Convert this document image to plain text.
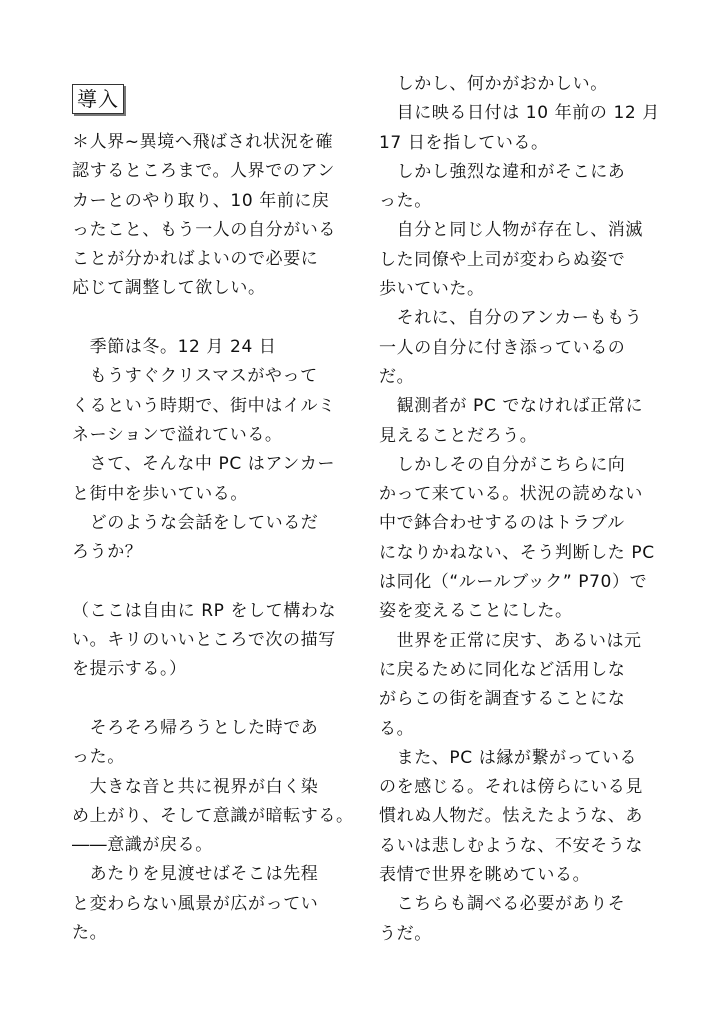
導入
＊人界~異境へ飛ばされ状況を確
認するところまで。人界でのアン
カーとのやり取り、10 年前に戻
ったこと、もう一人の自分がいる
ことが分かればよいので必要に
応じて調整して欲しい。
　季節は冬。12 月 24 日
　もうすぐクリスマスがやって
くるという時期で、街中はイルミ
ネーションで溢れている。
　さて、そんな中 PC はアンカー
と街中を歩いている。
　どのような会話をしているだ
ろうか？
（ここは自由に RP をして構わな
い。キリのいいところで次の描写
を提示する。）
　そろそろ帰ろうとした時であ
った。
　大きな音と共に視界が白く染
め上がり、そして意識が暗転する。
――意識が戻る。
　あたりを見渡せばそこは先程
と変わらない風景が広がってい
た。
　しかし、何かがおかしい。
　目に映る日付は 10 年前の 12 月
17 日を指している。
　しかし強烈な違和がそこにあ
った。
　自分と同じ人物が存在し、消滅
した同僚や上司が変わらぬ姿で
歩いていた。
　それに、自分のアンカーももう
一人の自分に付き添っているの
だ。
　観測者が PC でなければ正常に
見えることだろう。
　しかしその自分がこちらに向
かって来ている。状況の読めない
中で鉢合わせするのはトラブル
になりかねない、そう判断した PC
は同化（“ルールブック” P70）で
姿を変えることにした。
　世界を正常に戻す、あるいは元
に戻るために同化など活用しな
がらこの街を調査することにな
る。
　また、PC は縁が繋がっている
のを感じる。それは傍らにいる見
慣れぬ人物だ。怯えたような、あ
るいは悲しむような、不安そうな
表情で世界を眺めている。
　こちらも調べる必要がありそ
うだ。
